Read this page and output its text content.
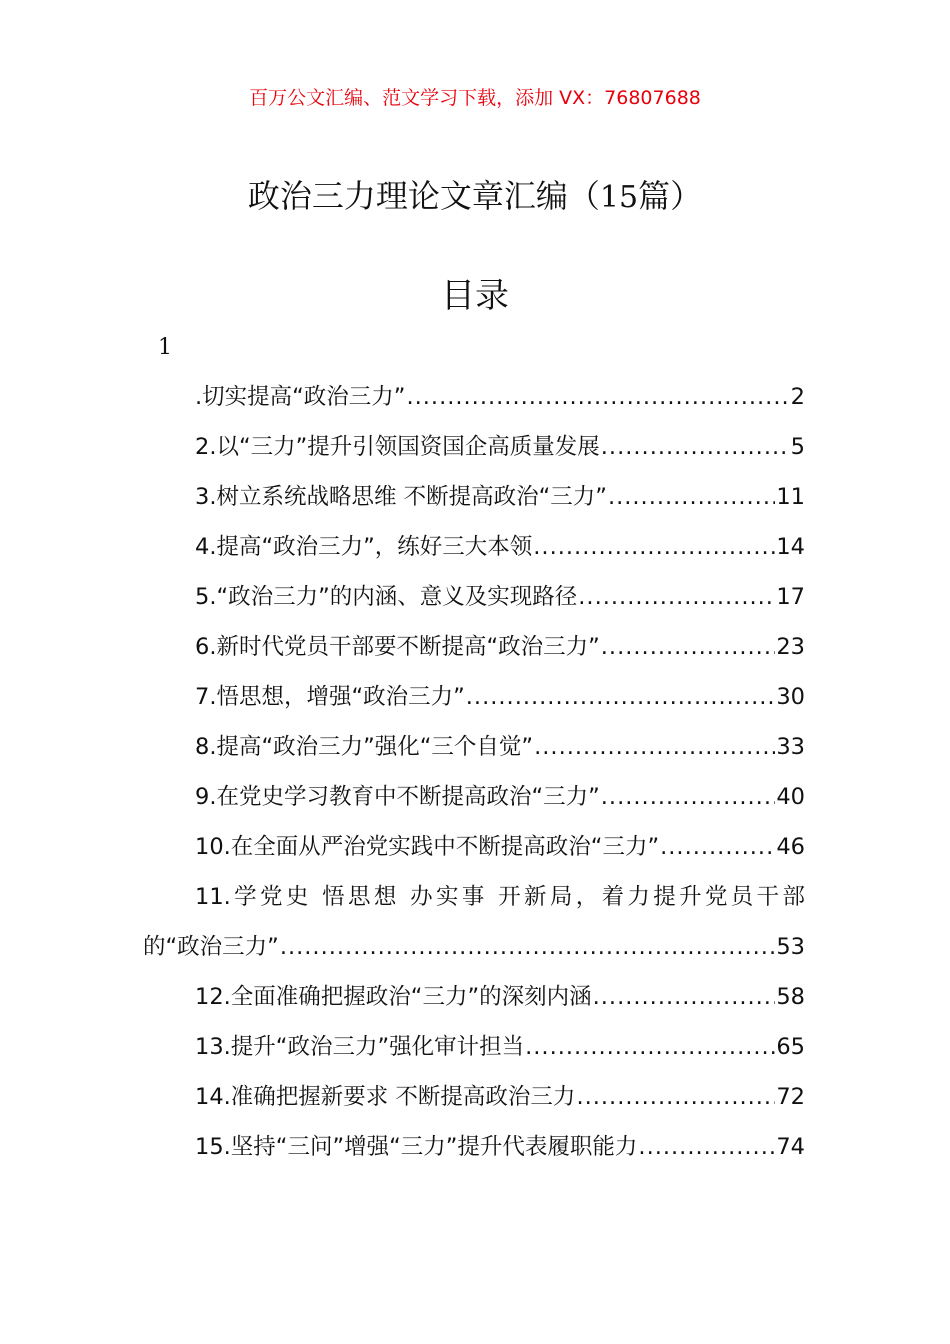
百万公文汇编、范文学习下载，添加 VX：76807688
政治三力理论文章汇编（15篇）
目录
1
.切实提高“政治三力” .....	2
2.以“三力”提升引领国资国企高质量发展 .....	5
3.树立系统战略思维 不断提高政治“三力” .....	11
4.提高“政治三力”，练好三大本领 .....	14
5.“政治三力”的内涵、意义及实现路径 .....	17
6.新时代党员干部要不断提高“政治三力” .....	23
7.悟思想，增强“政治三力” .....	30
8.提高“政治三力”强化“三个自觉” .....	33
9.在党史学习教育中不断提高政治“三力” .....	40
10.在全面从严治党实践中不断提高政治“三力” .....	46
11.学党史 悟思想 办实事 开新局，着力提升党员干部
的“政治三力” .....	53
12.全面准确把握政治“三力”的深刻内涵 .....	58
13.提升“政治三力”强化审计担当 .....	65
14.准确把握新要求 不断提高政治三力 .....	72
15.坚持“三问”增强“三力”提升代表履职能力 .....	74
